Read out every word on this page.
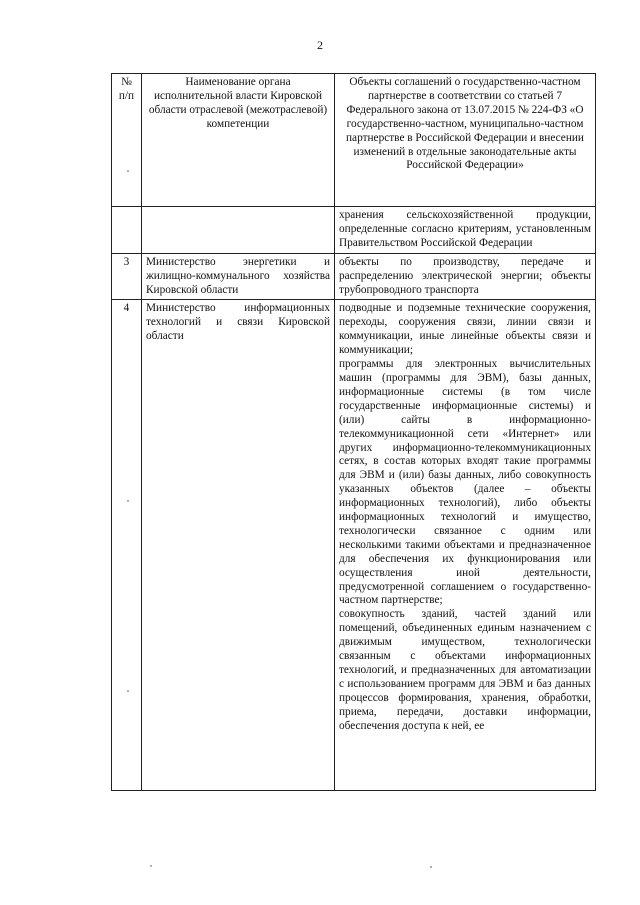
2
№ п/п	Наименование органа исполнительной власти Кировской области отраслевой (межотраслевой) компетенции	Объекты соглашений о государственно-частном партнерстве в соответствии со статьей 7 Федерального закона от 13.07.2015 № 224-ФЗ «О государственно-частном, муниципально-частном партнерстве в Российской Федерации и внесении изменений в отдельные законодательные акты Российской Федерации»

		хранения сельскохозяйственной продукции, определенные согласно критериям, установленным Правительством Российской Федерации

3	Министерство энергетики и жилищно-коммунального хозяйства Кировской области	объекты по производству, передаче и распределению электрической энергии; объекты трубопроводного транспорта

4	Министерство информационных технологий и связи Кировской области	подводные и подземные технические сооружения, переходы, сооружения связи, линии связи и коммуникации, иные линейные объекты связи и коммуникации;
программы для электронных вычислительных машин (программы для ЭВМ), базы данных, информационные системы (в том числе государственные информационные системы) и (или) сайты в информационно-телекоммуникационной сети «Интернет» или других информационно-телекоммуникационных сетях, в состав которых входят такие программы для ЭВМ и (или) базы данных, либо совокупность указанных объектов (далее – объекты информационных технологий), либо объекты информационных технологий и имущество, технологически связанное с одним или несколькими такими объектами и предназначенное для обеспечения их функционирования или осуществления иной деятельности, предусмотренной соглашением о государственно-частном партнерстве;
совокупность зданий, частей зданий или помещений, объединенных единым назначением с движимым имуществом, технологически связанным с объектами информационных технологий, и предназначенных для автоматизации с использованием программ для ЭВМ и баз данных процессов формирования, хранения, обработки, приема, передачи, доставки информации, обеспечения доступа к ней, ее
